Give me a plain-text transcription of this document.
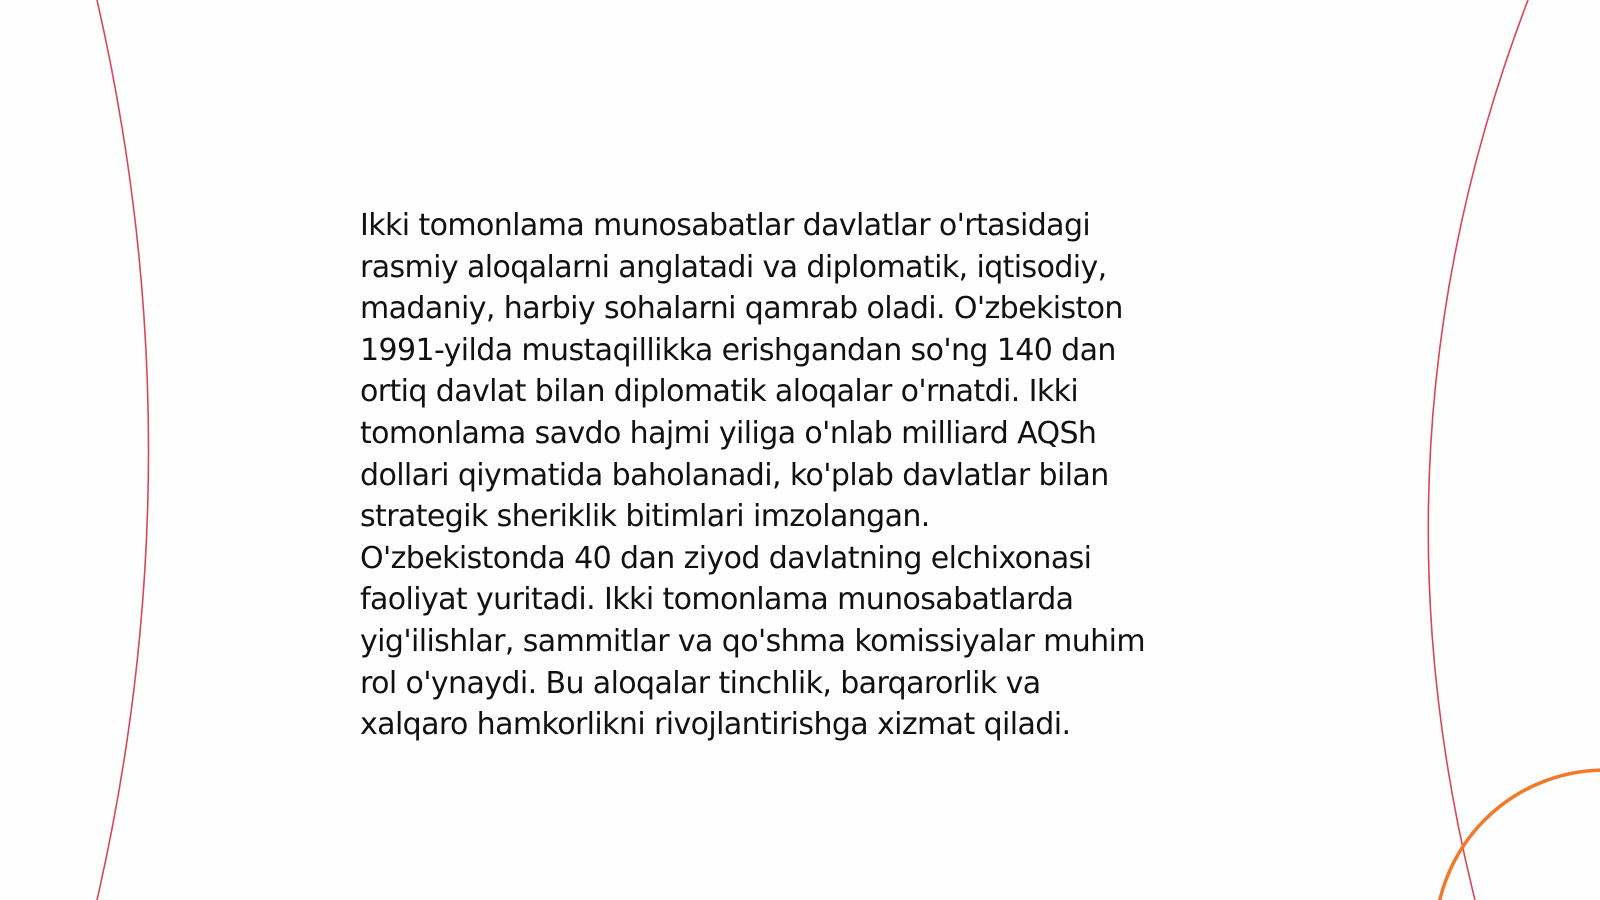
Ikki tomonlama munosabatlar davlatlar o'rtasidagi
rasmiy aloqalarni anglatadi va diplomatik, iqtisodiy,
madaniy, harbiy sohalarni qamrab oladi. O'zbekiston
1991-yilda mustaqillikka erishgandan so'ng 140 dan
ortiq davlat bilan diplomatik aloqalar o'rnatdi. Ikki
tomonlama savdo hajmi yiliga o'nlab milliard AQSh
dollari qiymatida baholanadi, ko'plab davlatlar bilan
strategik sheriklik bitimlari imzolangan.
O'zbekistonda 40 dan ziyod davlatning elchixonasi
faoliyat yuritadi. Ikki tomonlama munosabatlarda
yig'ilishlar, sammitlar va qo'shma komissiyalar muhim
rol o'ynaydi. Bu aloqalar tinchlik, barqarorlik va
xalqaro hamkorlikni rivojlantirishga xizmat qiladi.
